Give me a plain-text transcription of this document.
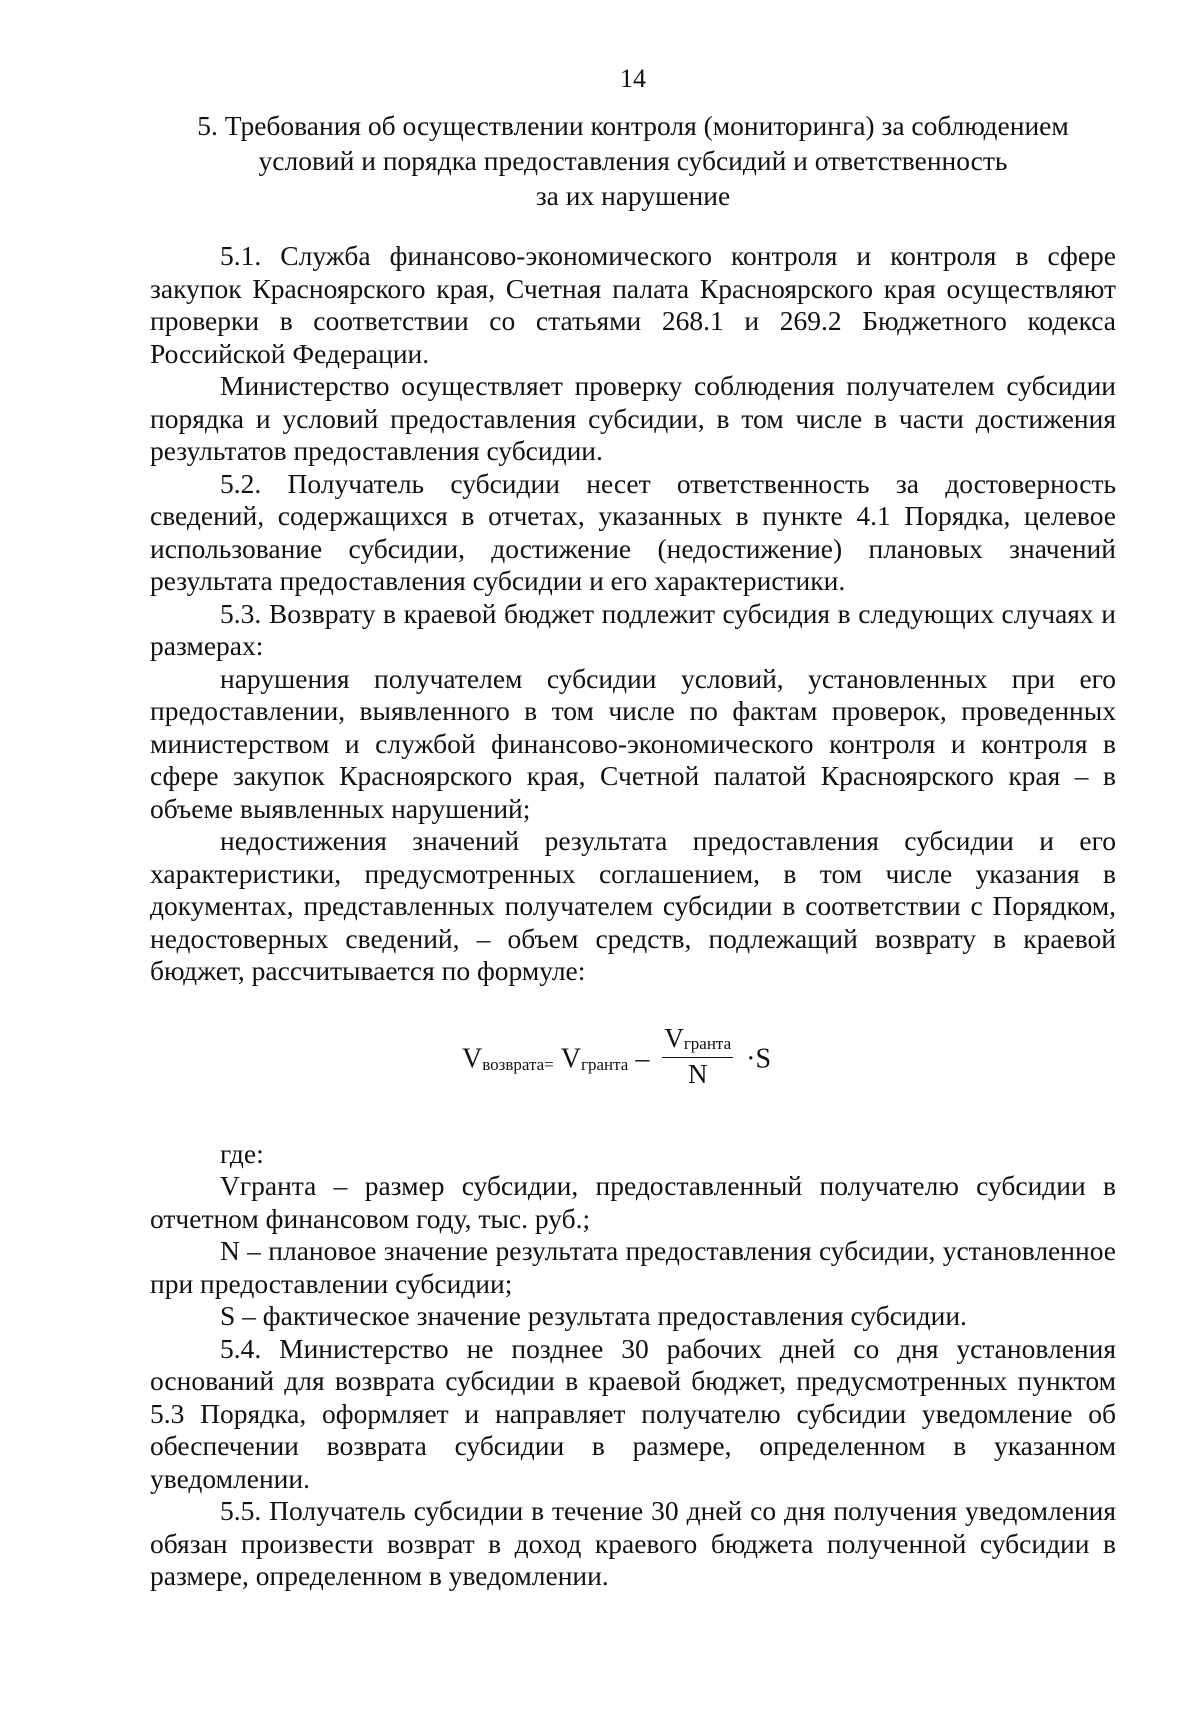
14
5. Требования об осуществлении контроля (мониторинга) за соблюдением
условий и порядка предоставления субсидий и ответственность
за их нарушение

5.1. Служба финансово-экономического контроля и контроля в сфере закупок Красноярского края, Счетная палата Красноярского края осуществляют проверки в соответствии со статьями 268.1 и 269.2 Бюджетного кодекса Российской Федерации.

Министерство осуществляет проверку соблюдения получателем субсидии порядка и условий предоставления субсидии, в том числе в части достижения результатов предоставления субсидии.

5.2. Получатель субсидии несет ответственность за достоверность сведений, содержащихся в отчетах, указанных в пункте 4.1 Порядка, целевое использование субсидии, достижение (недостижение) плановых значений результата предоставления субсидии и его характеристики.

5.3. Возврату в краевой бюджет подлежит субсидия в следующих случаях и размерах:

нарушения получателем субсидии условий, установленных при его предоставлении, выявленного в том числе по фактам проверок, проведенных министерством и службой финансово-экономического контроля и контроля в сфере закупок Красноярского края, Счетной палатой Красноярского края – в объеме выявленных нарушений;

недостижения значений результата предоставления субсидии и его характеристики, предусмотренных соглашением, в том числе указания в документах, представленных получателем субсидии в соответствии с Порядком, недостоверных сведений, – объем средств, подлежащий возврату в краевой бюджет, рассчитывается по формуле:

Vвозврата= Vгранта – $\frac{\text{Vгранта}}{N} \cdot S$

где:

Vгранта – размер субсидии, предоставленный получателю субсидии в отчетном финансовом году, тыс. руб.;

N – плановое значение результата предоставления субсидии, установленное при предоставлении субсидии;

S – фактическое значение результата предоставления субсидии.

5.4. Министерство не позднее 30 рабочих дней со дня установления оснований для возврата субсидии в краевой бюджет, предусмотренных пунктом 5.3 Порядка, оформляет и направляет получателю субсидии уведомление об обеспечении возврата субсидии в размере, определенном в указанном уведомлении.

5.5. Получатель субсидии в течение 30 дней со дня получения уведомления обязан произвести возврат в доход краевого бюджета полученной субсидии в размере, определенном в уведомлении.
